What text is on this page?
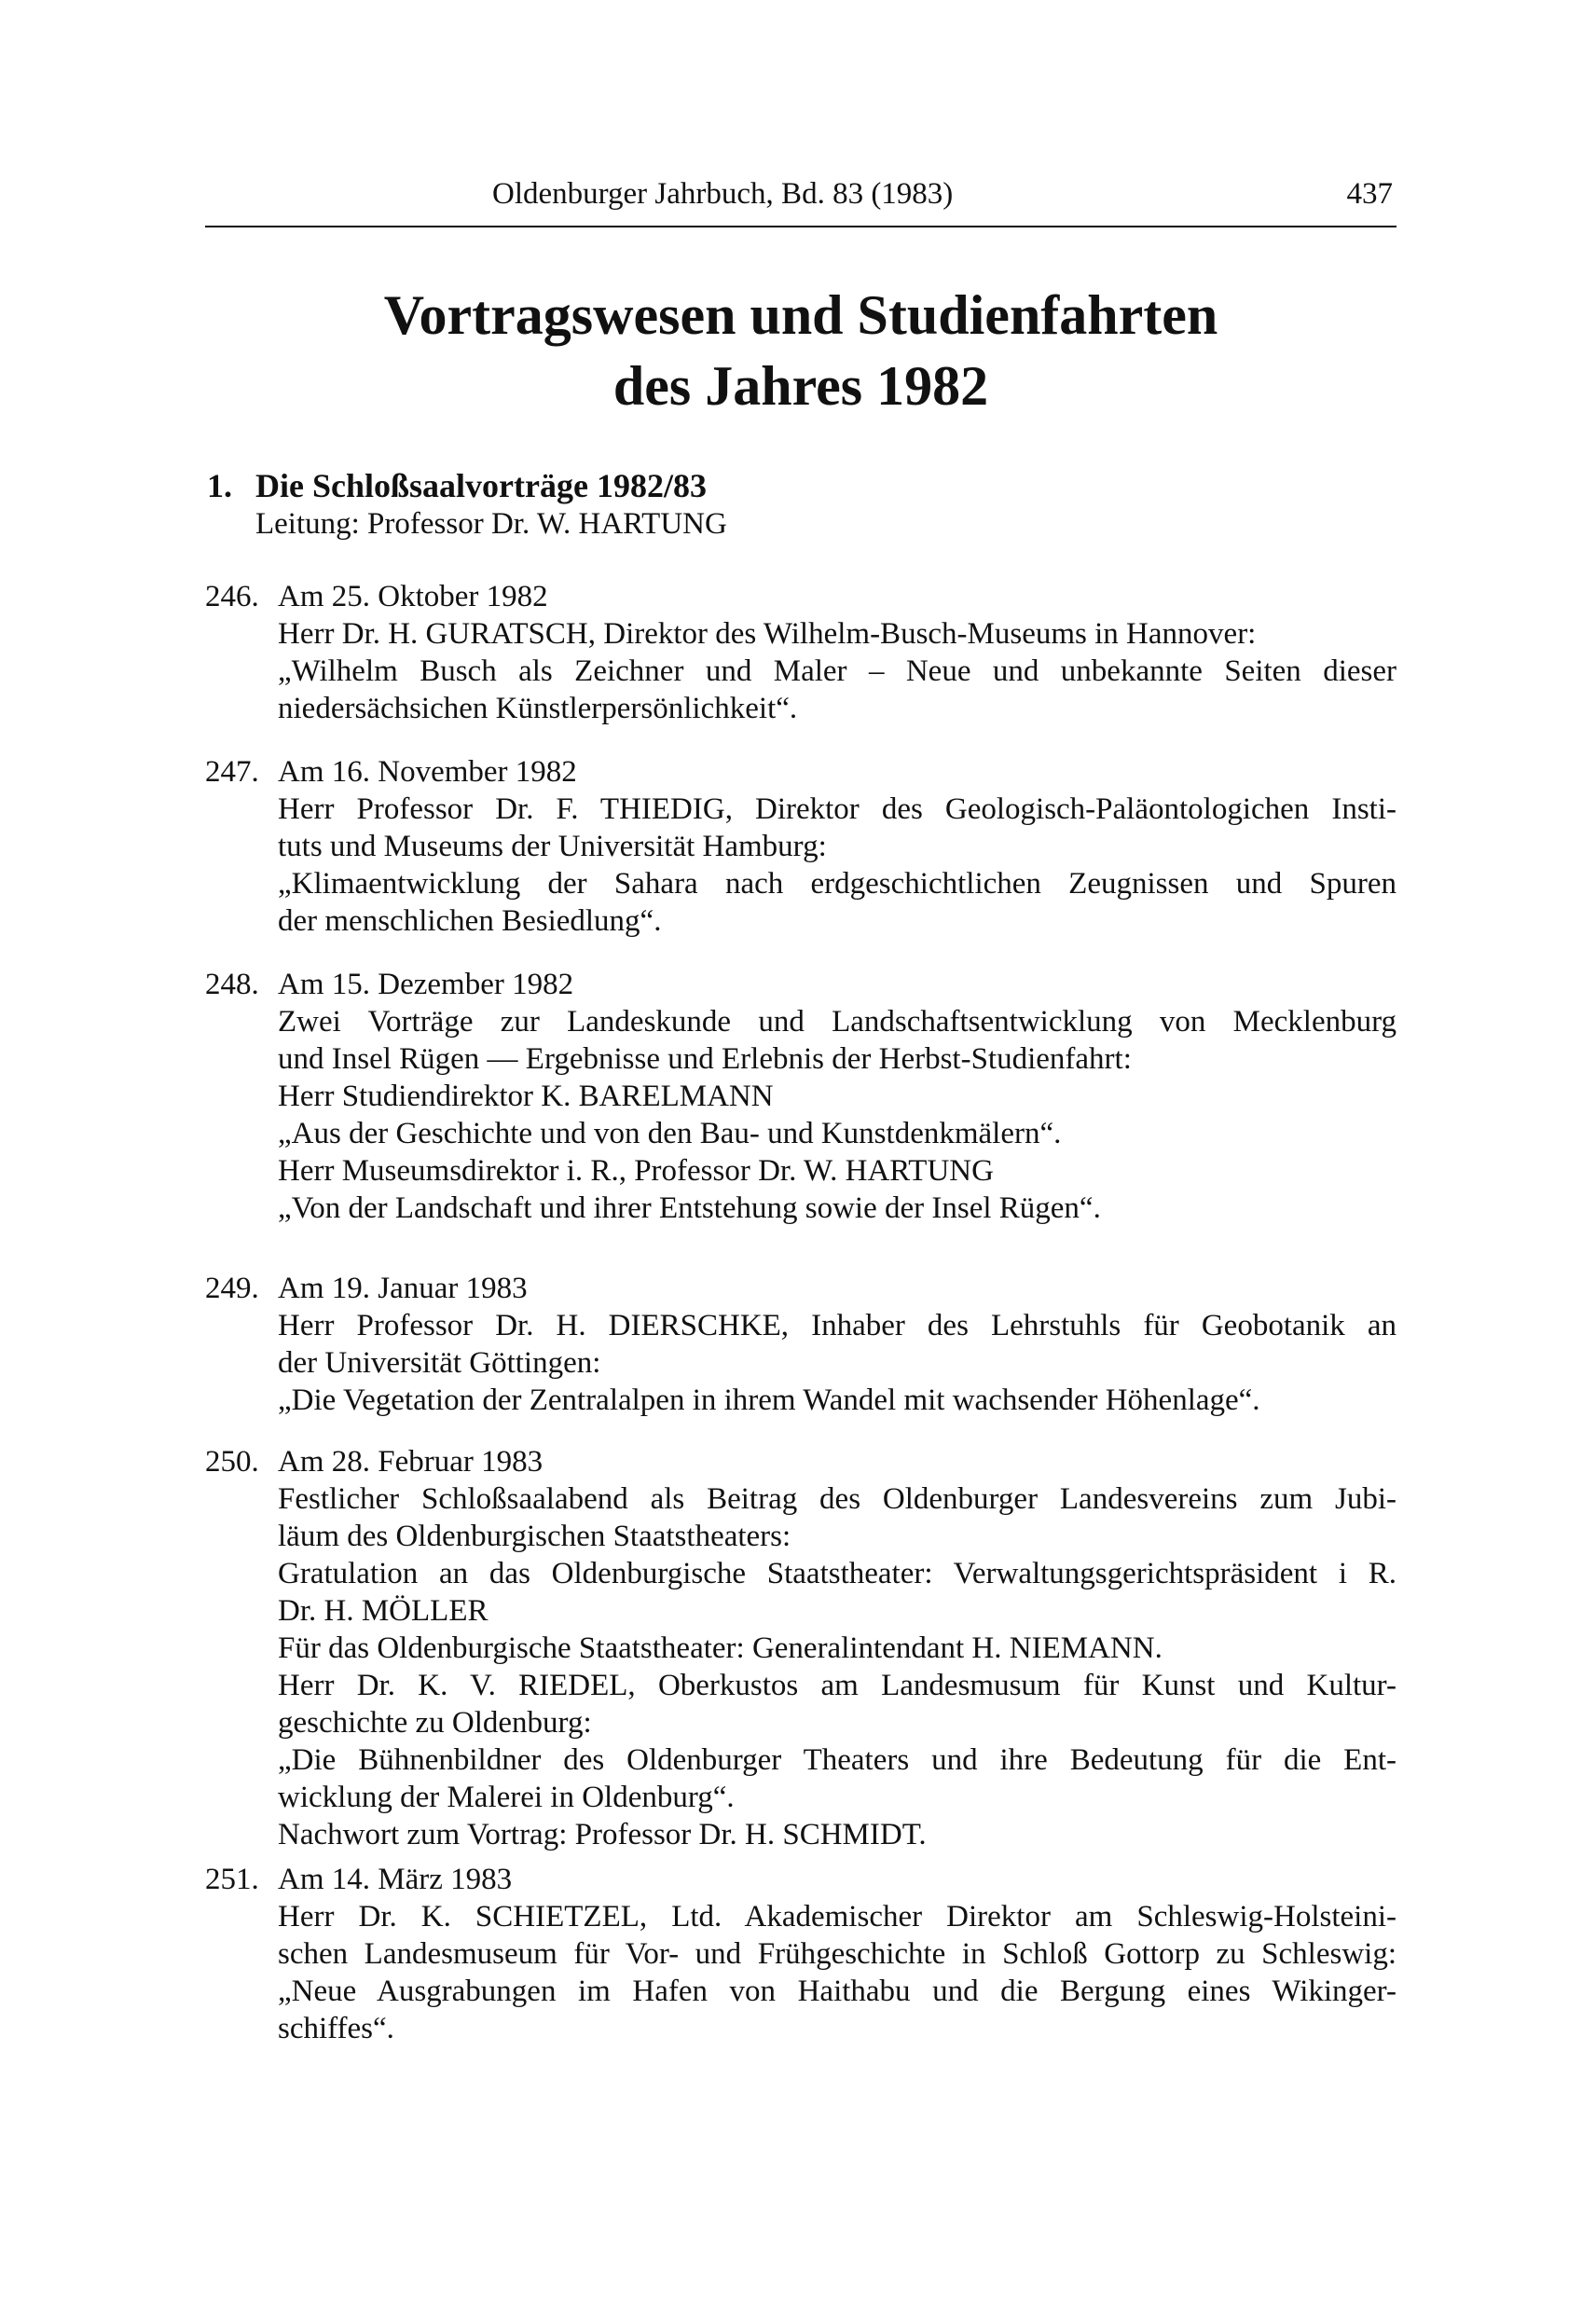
Oldenburger Jahrbuch, Bd. 83 (1983)	437
Vortragswesen und Studienfahrten
des Jahres 1982
1. Die Schloßsaalvorträge 1982/83
Leitung: Professor Dr. W. HARTUNG
246. Am 25. Oktober 1982
Herr Dr. H. GURATSCH, Direktor des Wilhelm-Busch-Museums in Hannover:
„Wilhelm Busch als Zeichner und Maler – Neue und unbekannte Seiten dieser
niedersächsichen Künstlerpersönlichkeit“.
247. Am 16. November 1982
Herr Professor Dr. F. THIEDIG, Direktor des Geologisch-Paläontologichen Insti-
tuts und Museums der Universität Hamburg:
„Klimaentwicklung der Sahara nach erdgeschichtlichen Zeugnissen und Spuren
der menschlichen Besiedlung“.
248. Am 15. Dezember 1982
Zwei Vorträge zur Landeskunde und Landschaftsentwicklung von Mecklenburg
und Insel Rügen — Ergebnisse und Erlebnis der Herbst-Studienfahrt:
Herr Studiendirektor K. BARELMANN
„Aus der Geschichte und von den Bau- und Kunstdenkmälern“.
Herr Museumsdirektor i. R., Professor Dr. W. HARTUNG
„Von der Landschaft und ihrer Entstehung sowie der Insel Rügen“.
249. Am 19. Januar 1983
Herr Professor Dr. H. DIERSCHKE, Inhaber des Lehrstuhls für Geobotanik an
der Universität Göttingen:
„Die Vegetation der Zentralalpen in ihrem Wandel mit wachsender Höhenlage“.
250. Am 28. Februar 1983
Festlicher Schloßsaalabend als Beitrag des Oldenburger Landesvereins zum Jubi-
läum des Oldenburgischen Staatstheaters:
Gratulation an das Oldenburgische Staatstheater: Verwaltungsgerichtspräsident i R.
Dr. H. MÖLLER
Für das Oldenburgische Staatstheater: Generalintendant H. NIEMANN.
Herr Dr. K. V. RIEDEL, Oberkustos am Landesmusum für Kunst und Kultur-
geschichte zu Oldenburg:
„Die Bühnenbildner des Oldenburger Theaters und ihre Bedeutung für die Ent-
wicklung der Malerei in Oldenburg“.
Nachwort zum Vortrag: Professor Dr. H. SCHMIDT.
251. Am 14. März 1983
Herr Dr. K. SCHIETZEL, Ltd. Akademischer Direktor am Schleswig-Holsteini-
schen Landesmuseum für Vor- und Frühgeschichte in Schloß Gottorp zu Schleswig:
„Neue Ausgrabungen im Hafen von Haithabu und die Bergung eines Wikinger-
schiffes“.
